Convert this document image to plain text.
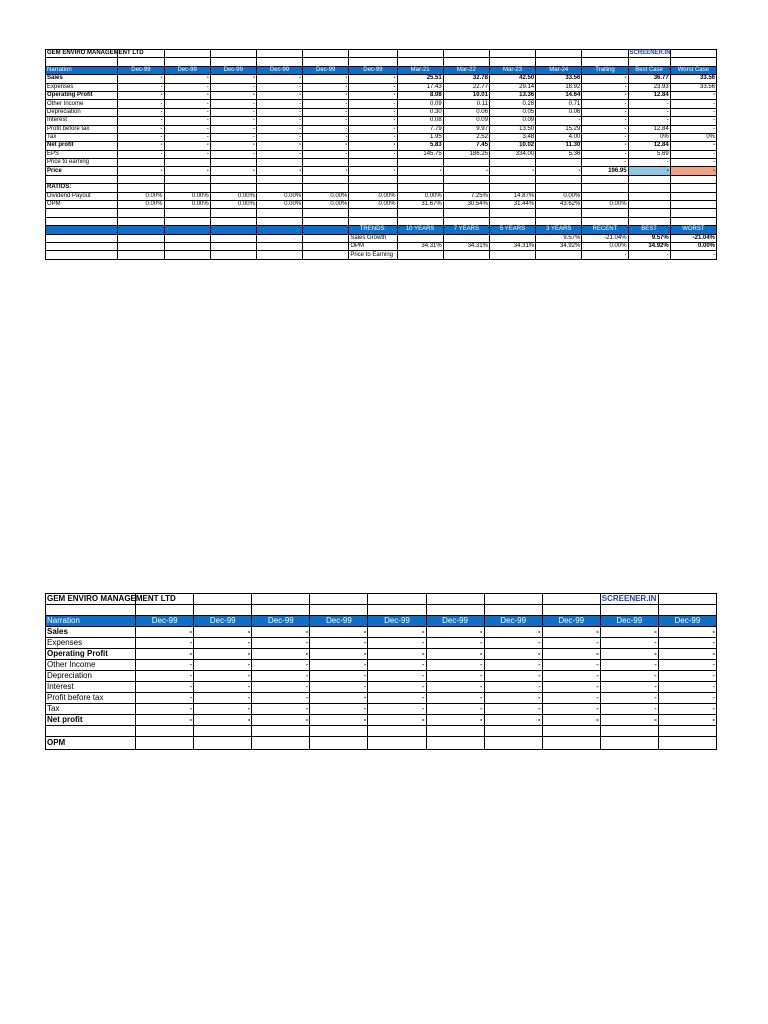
GEM ENVIRO MANAGEMENT LTD												SCREENER.IN	

Narration	Dec-99	Dec-99	Dec-99	Dec-99	Dec-99	Dec-99	Mar-21	Mar-22	Mar-23	Mar-24	Trailing	Best Case	Worst Case
Sales	-	-	-	-	-	-	25.51	32.78	42.50	33.56	-	36.77	33.56
Expenses	-	-	-	-	-	-	17.43	22.77	29.14	18.92	-	23.93	33.56
Operating Profit	-	-	-	-	-	-	8.08	10.01	13.36	14.64	-	12.84	-
Other Income	-	-	-	-	-	-	0.09	0.11	0.28	0.71	-	-	-
Depreciation	-	-	-	-	-	-	0.30	0.06	0.05	0.06	-	-	-
Interest	-	-	-	-	-	-	0.08	0.09	0.09	-	-	-	-
Profit before tax	-	-	-	-	-	-	7.79	9.97	13.50	15.29	-	12.84	-
Tax	-	-	-	-	-	-	1.95	2.52	3.48	4.00	-	0%	0%
Net profit	-	-	-	-	-	-	5.83	7.45	10.02	11.30	-	12.84	-
EPS	-	-	-	-	-	-	145.75	186.25	334.00	5.36	-	5.69	-
Price to earning											-	-	-
Price	-	-	-	-	-	-	-	-	-	-	196.95	-	-

RATIOS:													
Dividend Payout	0.00%	0.00%	0.00%	0.00%	0.00%	0.00%	0.00%	7.25%	14.87%	0.00%			
OPM	0.00%	0.00%	0.00%	0.00%	0.00%	0.00%	31.67%	30.54%	31.44%	43.62%	0.00%		

						TRENDS:	10 YEARS	7 YEARS	5 YEARS	3 YEARS	RECENT	BEST	WORST
						Sales Growth				9.57%	-21.04%	9.57%	-21.04%
						OPM	34.31%	34.31%	34.31%	34.92%	0.00%	34.92%	0.00%
						Price to Earning					-	-	-
GEM ENVIRO MANAGEMENT LTD									SCREENER.IN	

Narration	Dec-99	Dec-99	Dec-99	Dec-99	Dec-99	Dec-99	Dec-99	Dec-99	Dec-99	Dec-99
Sales	-	-	-	-	-	-	-	-	-	-
Expenses	-	-	-	-	-	-	-	-	-	-
Operating Profit	-	-	-	-	-	-	-	-	-	-
Other Income	-	-	-	-	-	-	-	-	-	-
Depreciation	-	-	-	-	-	-	-	-	-	-
Interest	-	-	-	-	-	-	-	-	-	-
Profit before tax	-	-	-	-	-	-	-	-	-	-
Tax	-	-	-	-	-	-	-	-	-	-
Net profit	-	-	-	-	-	-	-	-	-	-

OPM										
